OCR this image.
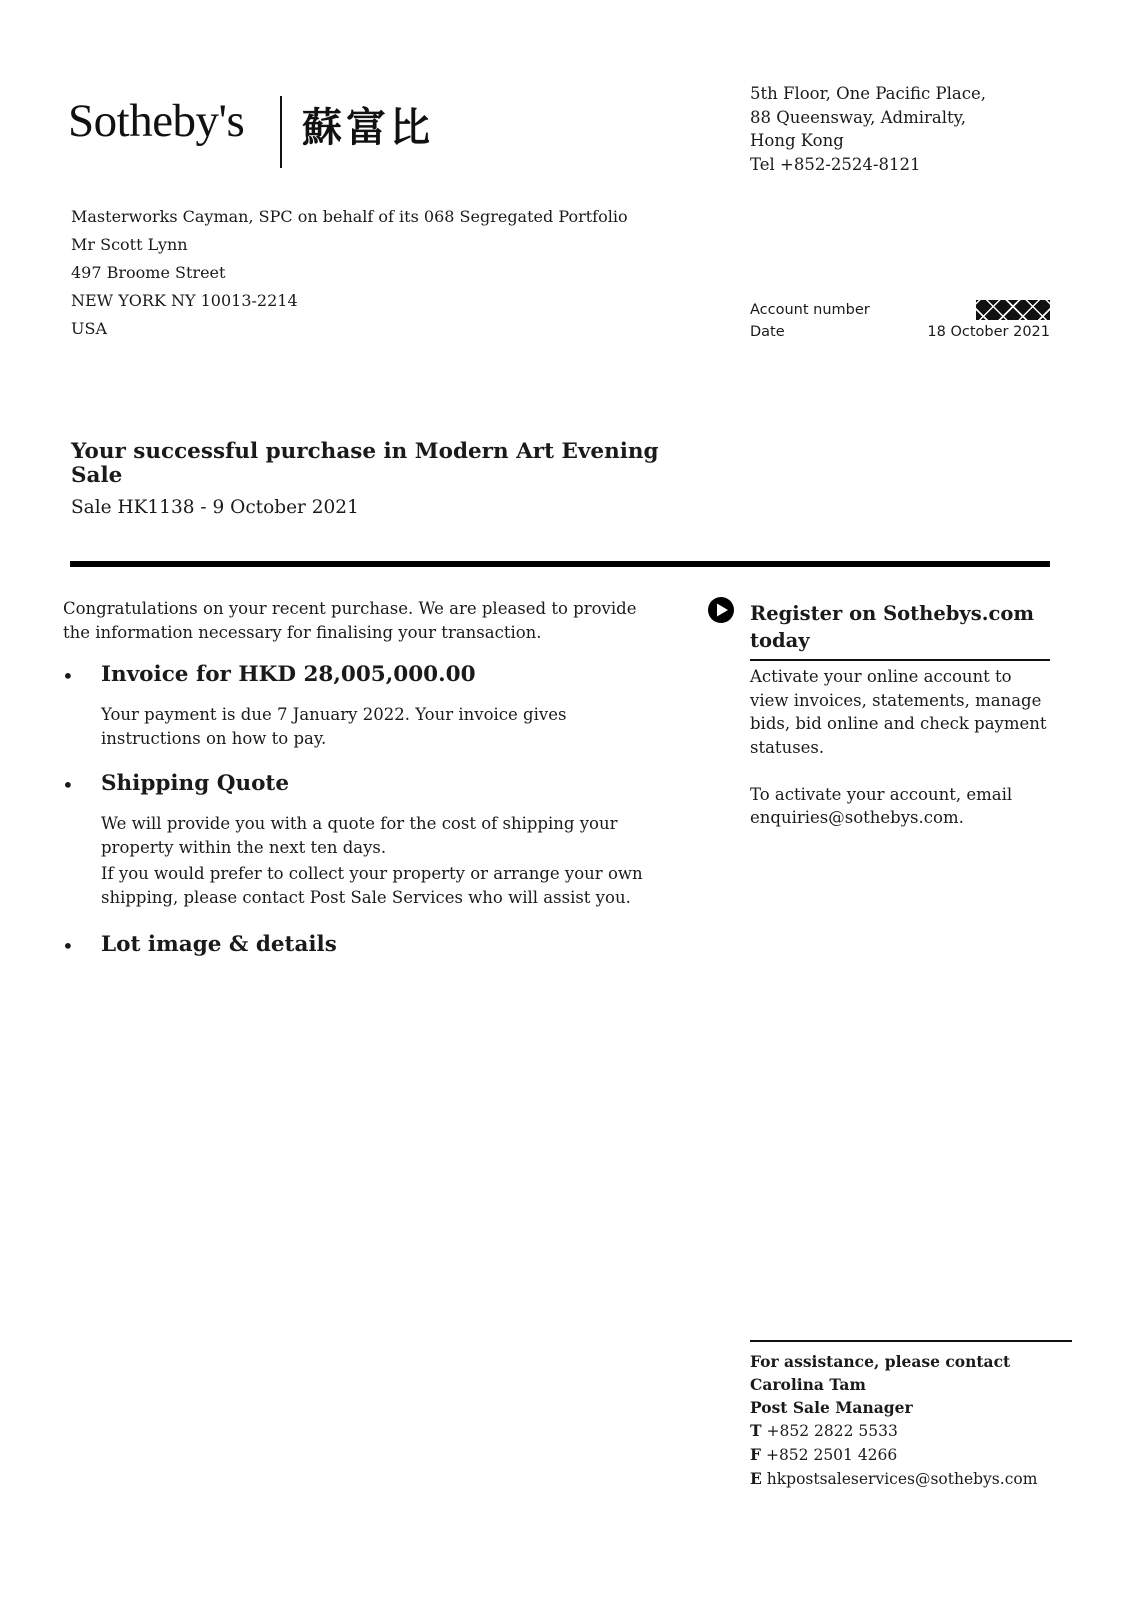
Sotheby's 蘇富比
5th Floor, One Pacific Place,
88 Queensway, Admiralty,
Hong Kong
Tel +852-2524-8121
Masterworks Cayman, SPC on behalf of its 068 Segregated Portfolio
Mr Scott Lynn
497 Broome Street
NEW YORK NY 10013-2214
USA
Account number
Date	18 October 2021
Your successful purchase in Modern Art Evening Sale
Sale HK1138 - 9 October 2021
Congratulations on your recent purchase. We are pleased to provide the information necessary for finalising your transaction.
• Invoice for HKD 28,005,000.00

Your payment is due 7 January 2022. Your invoice gives instructions on how to pay.

• Shipping Quote

We will provide you with a quote for the cost of shipping your property within the next ten days.

If you would prefer to collect your property or arrange your own shipping, please contact Post Sale Services who will assist you.

• Lot image & details
Register on Sothebys.com today

Activate your online account to view invoices, statements, manage bids, bid online and check payment statuses.

To activate your account, email enquiries@sothebys.com.

For assistance, please contact
Carolina Tam
Post Sale Manager
T +852 2822 5533
F +852 2501 4266
E hkpostsaleservices@sothebys.com
